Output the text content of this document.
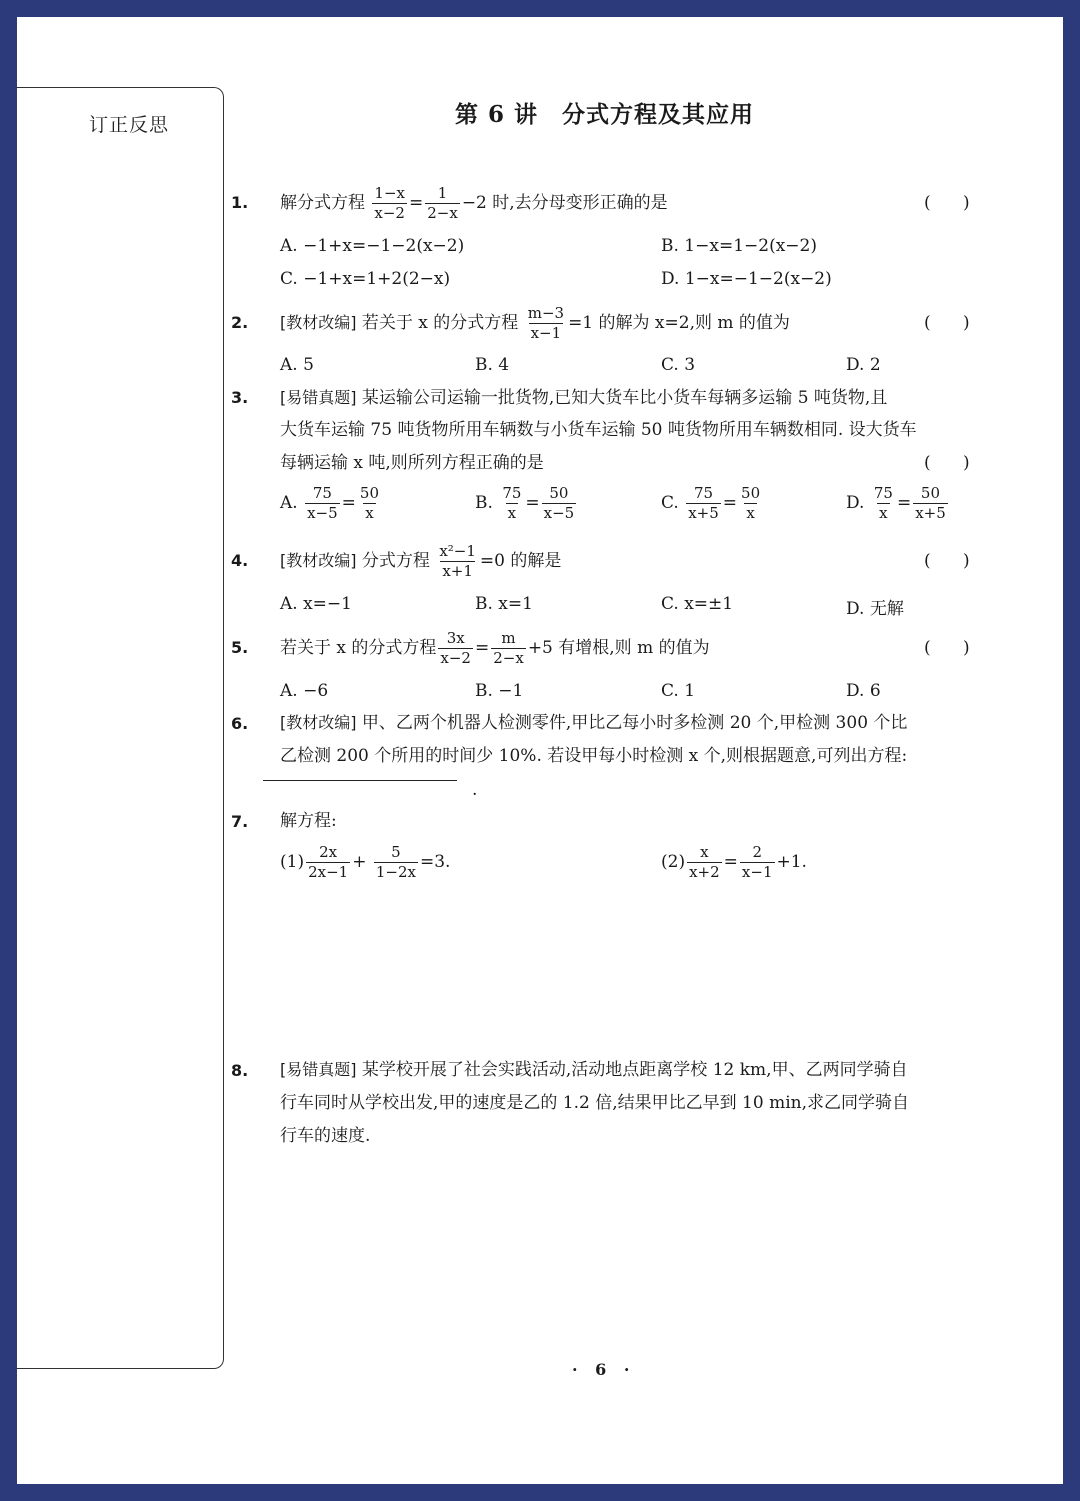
订正反思	第 6 讲 分式方程及其应用
1. 解分式方程 $\frac{1-x}{x-2} = \frac{1}{2-x} -2$ 时,去分母变形正确的是	(      )
A. −1+x=−1−2(x−2)	B. 1−x=1−2(x−2)
C. −1+x=1+2(2−x)	D. 1−x=−1−2(x−2)
2. [教材改编] 若关于 x 的分式方程 $\frac{m-3}{x-1} =1$ 的解为 x=2,则 m 的值为	(      )
A. 5	B. 4	C. 3	D. 2
3. [易错真题] 某运输公司运输一批货物,已知大货车比小货车每辆多运输 5 吨货物,且
大货车运输 75 吨货物所用车辆数与小货车运输 50 吨货物所用车辆数相同. 设大货车
每辆运输 x 吨,则所列方程正确的是	(      )
A. $\frac{75}{x-5} = \frac{50}{x}$	B. $\frac{75}{x} = \frac{50}{x-5}$	C. $\frac{75}{x+5} = \frac{50}{x}$	D. $\frac{75}{x} = \frac{50}{x+5}$
4. [教材改编] 分式方程 $\frac{\text{x²−1}}{x+1} =0$ 的解是	(      )
A. x=−1	B. x=1	C. x=±1	D. 无解
5. 若关于 x 的分式方程 $\frac{3x}{x-2} = \frac{m}{2-x} +5$ 有增根,则 m 的值为	(      )
A. −6	B. −1	C. 1	D. 6
6. [教材改编] 甲、乙两个机器人检测零件,甲比乙每小时多检测 20 个,甲检测 300 个比
乙检测 200 个所用的时间少 10%. 若设甲每小时检测 x 个,则根据题意,可列出方程:
.
7. 解方程:
$(1) \frac{2x}{2x-1} + \frac{5}{1-2x} =3$.	$(2) \frac{x}{x+2} = \frac{2}{x-1} +1$.
8. [易错真题] 某学校开展了社会实践活动,活动地点距离学校 12 km,甲、乙两同学骑自
行车同时从学校出发,甲的速度是乙的 1.2 倍,结果甲比乙早到 10 min,求乙同学骑自
行车的速度.
· 6 ·
